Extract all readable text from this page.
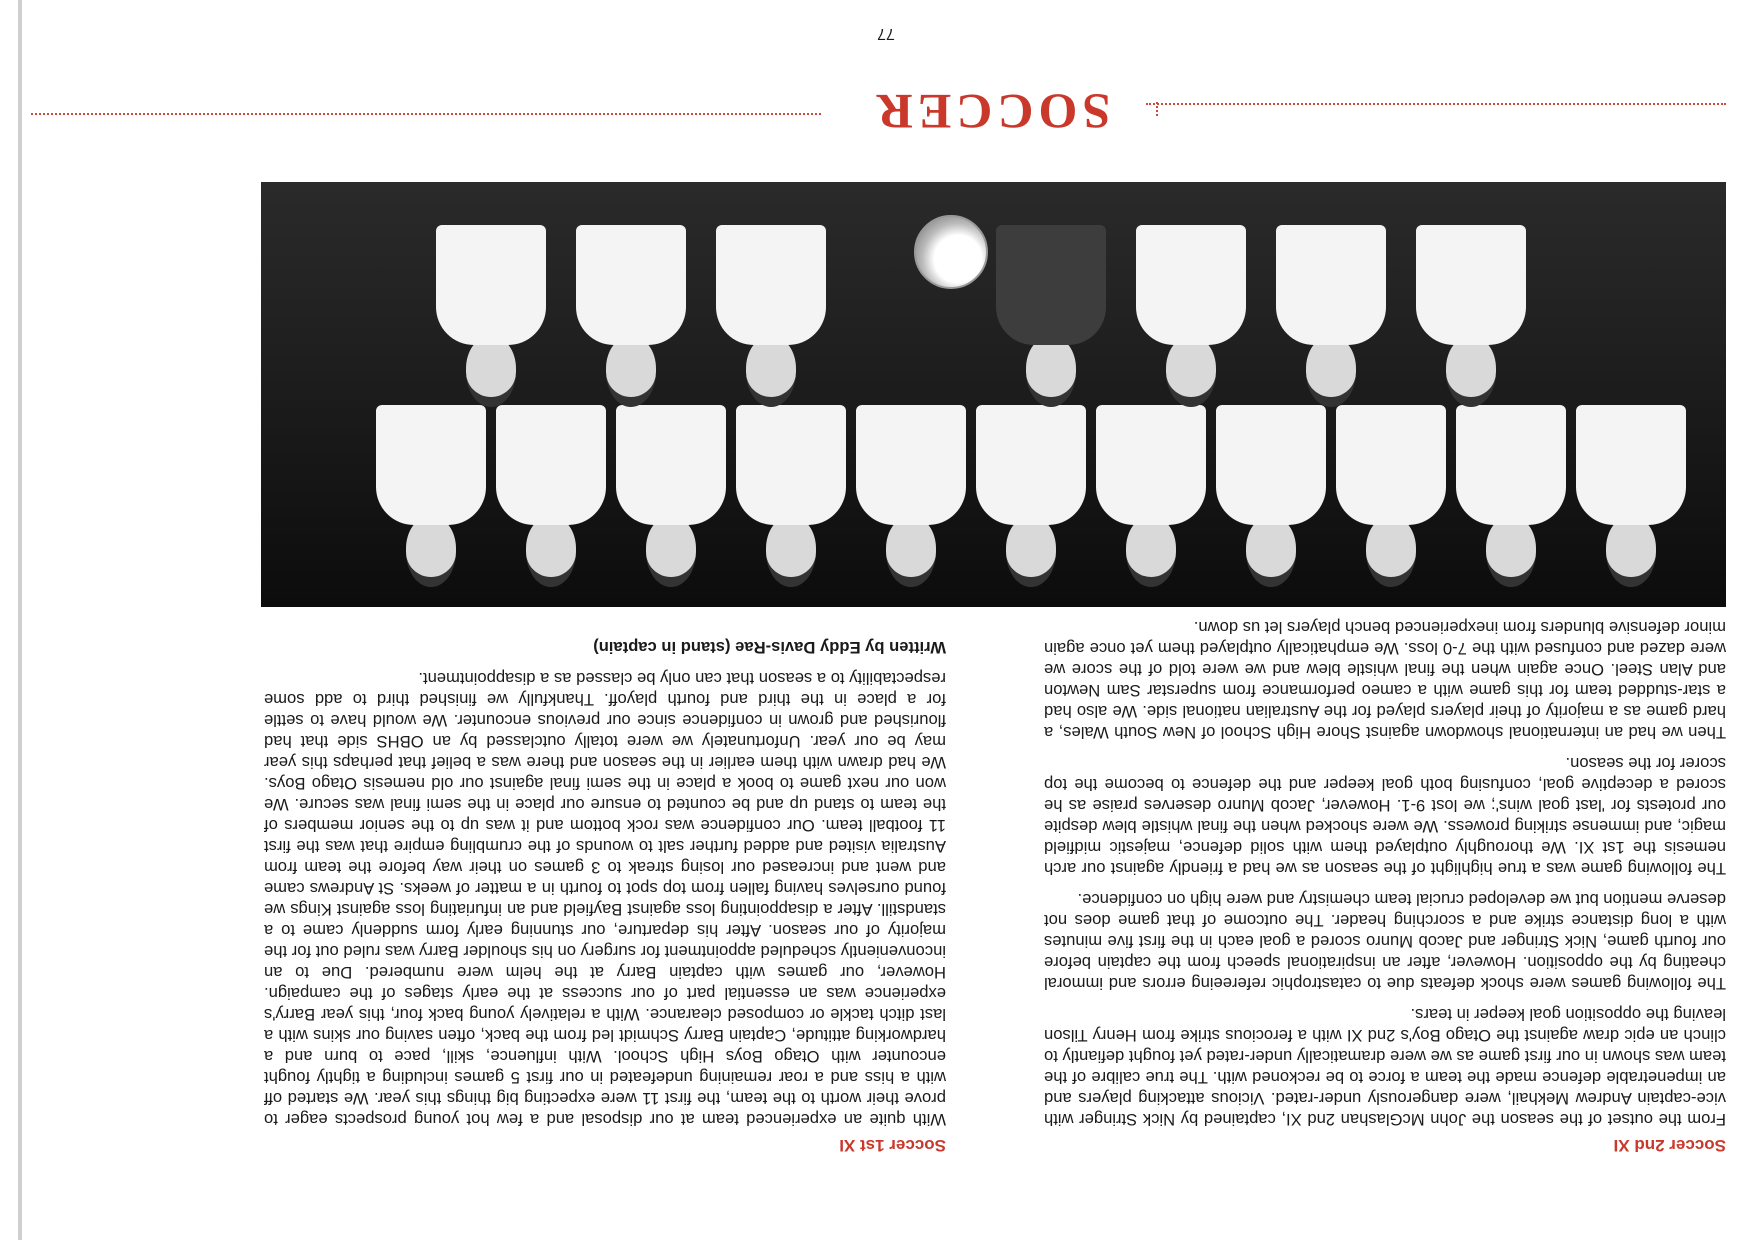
Soccer 2nd XI

From the outset of the season the John McGlashan 2nd XI, captained by Nick Stringer with vice-captain Andrew Mekhail, were dangerously under-rated. Vicious attacking players and an impenetrable defence made the team a force to be reckoned with. The true calibre of the team was shown in our first game as we were dramatically under-rated yet fought defiantly to clinch an epic draw against the Otago Boy's 2nd XI with a ferocious strike from Henry Tilson leaving the opposition goal keeper in tears.

The following games were shock defeats due to catastrophic refereeing errors and immoral cheating by the opposition. However, after an inspirational speech from the captain before our fourth game, Nick Stringer and Jacob Munro scored a goal each in the first five minutes with a long distance strike and a scorching header. The outcome of that game does not deserve mention but we developed crucial team chemistry and were high on confidence.

The following game was a true highlight of the season as we had a friendly against our arch nemesis the 1st XI. We thoroughly outplayed them with solid defence, majestic midfield magic, and immense striking prowess. We were shocked when the final whistle blew despite our protests for 'last goal wins'; we lost 9-1. However, Jacob Munro deserves praise as he scored a deceptive goal, confusing both goal keeper and the defence to become the top scorer for the season.

Then we had an international showdown against Shore High School of New South Wales, a hard game as a majority of their players played for the Australian national side. We also had a star-studded team for this game with a cameo performance from superstar Sam Newton and Alan Steel. Once again when the final whistle blew and we were told of the score we were dazed and confused with the 7-0 loss. We emphatically outplayed them yet once again minor defensive blunders from inexperienced bench players let us down.

Soccer 1st XI

With quite an experienced team at our disposal and a few hot young prospects eager to prove their worth to the team, the first 11 were expecting big things this year. We started off with a hiss and a roar remaining undefeated in our first 5 games including a tightly fought encounter with Otago Boys High School. With influence, skill, pace to burn and a hardworking attitude, Captain Barry Schmidt led from the back, often saving our skins with a last ditch tackle or composed clearance. With a relatively young back four, this year Barry's experience was an essential part of our success at the early stages of the campaign. However, our games with captain Barry at the helm were numbered. Due to an inconveniently scheduled appointment for surgery on his shoulder Barry was ruled out for the majority of our season. After his departure, our stunning early form suddenly came to a standstill. After a disappointing loss against Bayfield and an infuriating loss against Kings we found ourselves having fallen from top spot to fourth in a matter of weeks. St Andrews came and went and increased our losing streak to 3 games on their way before the team from Australia visited and added further salt to wounds of the crumbling empire that was the first 11 football team. Our confidence was rock bottom and it was up to the senior members of the team to stand up and be counted to ensure our place in the semi final was secure. We won our next game to book a place in the semi final against our old nemesis Otago Boys. We had drawn with them earlier in the season and there was a belief that perhaps this year may be our year. Unfortunately we were totally outclassed by an OBHS side that had flourished and grown in confidence since our previous encounter. We would have to settle for a place in the third and fourth playoff. Thankfully we finished third to add some respectability to a season that can only be classed as a disappointment.

Written by Eddy Davis-Rae (stand in captain)

SOCCER

77
